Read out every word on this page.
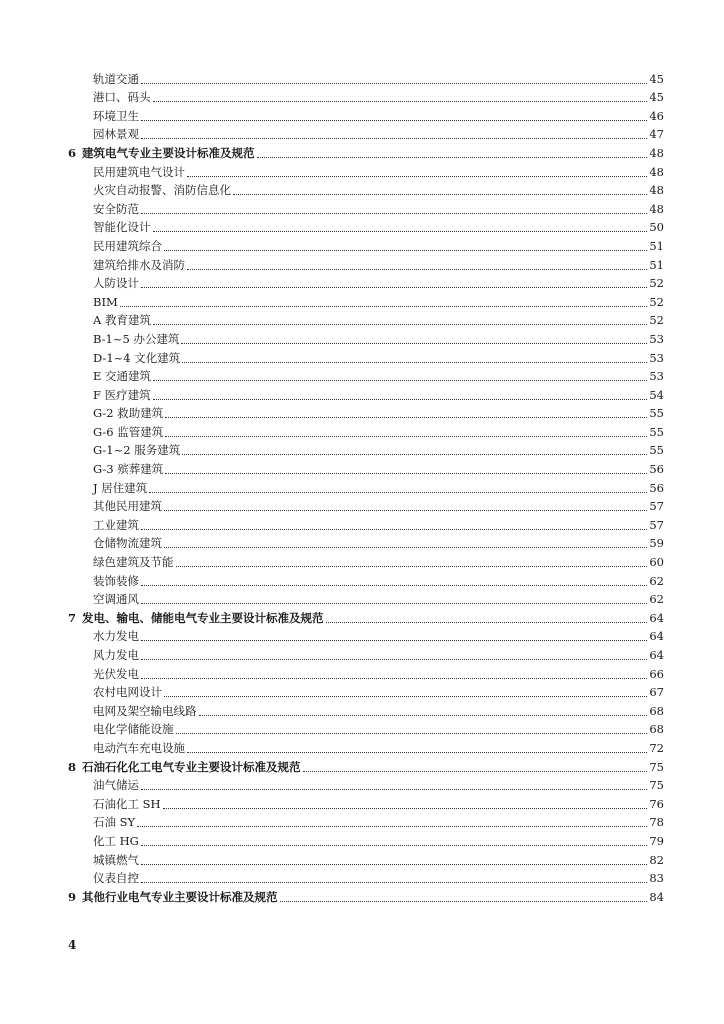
轨道交通	45
港口、码头	45
环境卫生	46
园林景观	47
6 建筑电气专业主要设计标准及规范	48
民用建筑电气设计	48
火灾自动报警、消防信息化	48
安全防范	48
智能化设计	50
民用建筑综合	51
建筑给排水及消防	51
人防设计	52
BIM	52
A 教育建筑	52
B-1~5 办公建筑	53
D-1~4 文化建筑	53
E 交通建筑	53
F 医疗建筑	54
G-2 救助建筑	55
G-6 监管建筑	55
G-1~2 服务建筑	55
G-3 殡葬建筑	56
J 居住建筑	56
其他民用建筑	57
工业建筑	57
仓储物流建筑	59
绿色建筑及节能	60
装饰装修	62
空调通风	62
7 发电、输电、储能电气专业主要设计标准及规范	64
水力发电	64
风力发电	64
光伏发电	66
农村电网设计	67
电网及架空输电线路	68
电化学储能设施	68
电动汽车充电设施	72
8 石油石化化工电气专业主要设计标准及规范	75
油气储运	75
石油化工 SH	76
石油 SY	78
化工 HG	79
城镇燃气	82
仪表自控	83
9 其他行业电气专业主要设计标准及规范	84
4
